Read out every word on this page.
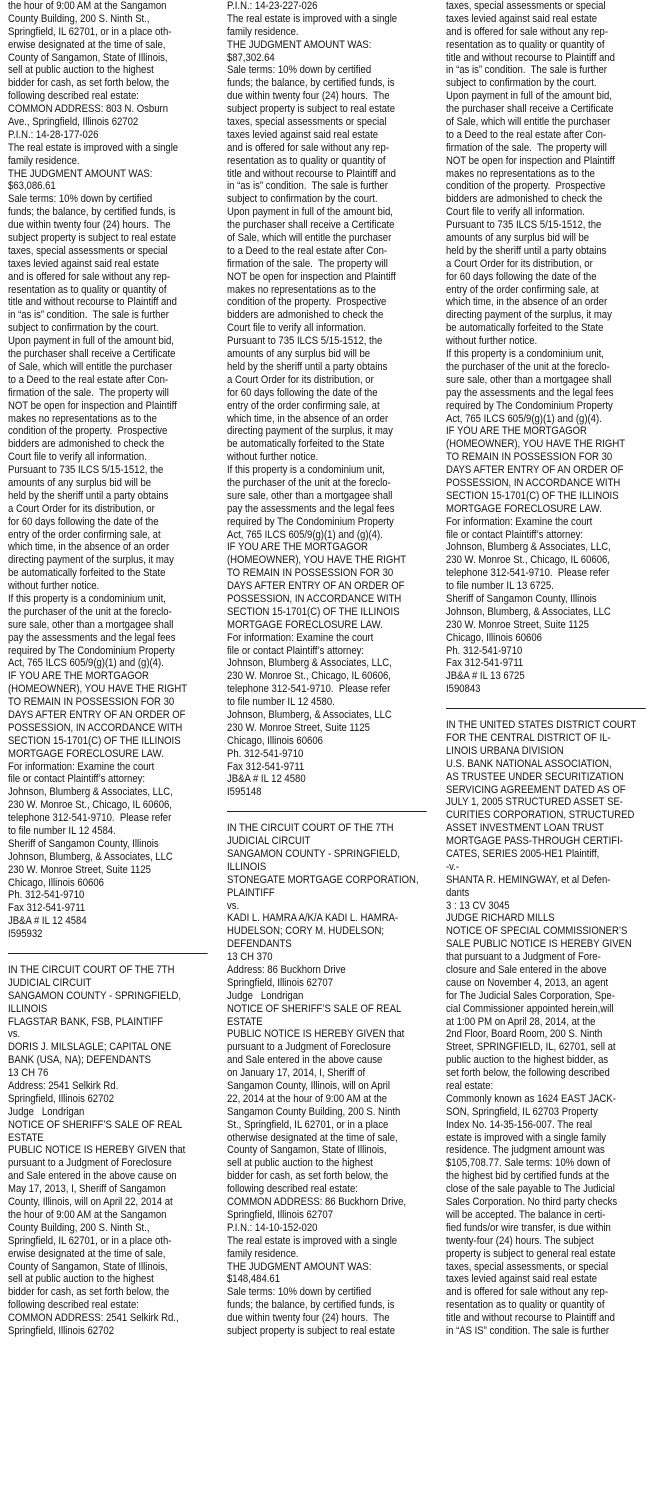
the hour of 9:00 AM at the Sangamon
County Building, 200 S. Ninth St.,
Springfield, IL 62701, or in a place oth-
erwise designated at the time of sale,
County of Sangamon, State of Illinois,
sell at public auction to the highest
bidder for cash, as set forth below, the
following described real estate:
COMMON ADDRESS: 803 N. Osburn
Ave., Springfield, Illinois 62702
P.I.N.: 14-28-177-026
The real estate is improved with a single
family residence.
THE JUDGMENT AMOUNT WAS:
$63,086.61
Sale terms: 10% down by certified
funds; the balance, by certified funds, is
due within twenty four (24) hours.  The
subject property is subject to real estate
taxes, special assessments or special
taxes levied against said real estate
and is offered for sale without any rep-
resentation as to quality or quantity of
title and without recourse to Plaintiff and
in “as is” condition.  The sale is further
subject to confirmation by the court.
Upon payment in full of the amount bid,
the purchaser shall receive a Certificate
of Sale, which will entitle the purchaser
to a Deed to the real estate after Con-
firmation of the sale.  The property will
NOT be open for inspection and Plaintiff
makes no representations as to the
condition of the property.  Prospective
bidders are admonished to check the
Court file to verify all information.
Pursuant to 735 ILCS 5/15-1512, the
amounts of any surplus bid will be
held by the sheriff until a party obtains
a Court Order for its distribution, or
for 60 days following the date of the
entry of the order confirming sale, at
which time, in the absence of an order
directing payment of the surplus, it may
be automatically forfeited to the State
without further notice.
If this property is a condominium unit,
the purchaser of the unit at the foreclo-
sure sale, other than a mortgagee shall
pay the assessments and the legal fees
required by The Condominium Property
Act, 765 ILCS 605/9(g)(1) and (g)(4).
IF YOU ARE THE MORTGAGOR
(HOMEOWNER), YOU HAVE THE RIGHT
TO REMAIN IN POSSESSION FOR 30
DAYS AFTER ENTRY OF AN ORDER OF
POSSESSION, IN ACCORDANCE WITH
SECTION 15-1701(C) OF THE ILLINOIS
MORTGAGE FORECLOSURE LAW.
For information: Examine the court
file or contact Plaintiff’s attorney:
Johnson, Blumberg & Associates, LLC,
230 W. Monroe St., Chicago, IL 60606,
telephone 312-541-9710.  Please refer
to file number IL 12 4584.
Sheriff of Sangamon County, Illinois
Johnson, Blumberg, & Associates, LLC
230 W. Monroe Street, Suite 1125
Chicago, Illinois 60606
Ph. 312-541-9710
Fax 312-541-9711
JB&A # IL 12 4584
I595932
IN THE CIRCUIT COURT OF THE 7TH
JUDICIAL CIRCUIT
SANGAMON COUNTY - SPRINGFIELD,
ILLINOIS
FLAGSTAR BANK, FSB, PLAINTIFF
vs.
DORIS J. MILSLAGLE; CAPITAL ONE
BANK (USA, NA); DEFENDANTS
13 CH 76
Address: 2541 Selkirk Rd.
Springfield, Illinois 62702
Judge   Londrigan
NOTICE OF SHERIFF’S SALE OF REAL
ESTATE
PUBLIC NOTICE IS HEREBY GIVEN that
pursuant to a Judgment of Foreclosure
and Sale entered in the above cause on
May 17, 2013, I, Sheriff of Sangamon
County, Illinois, will on April 22, 2014 at
the hour of 9:00 AM at the Sangamon
County Building, 200 S. Ninth St.,
Springfield, IL 62701, or in a place oth-
erwise designated at the time of sale,
County of Sangamon, State of Illinois,
sell at public auction to the highest
bidder for cash, as set forth below, the
following described real estate:
COMMON ADDRESS: 2541 Selkirk Rd.,
Springfield, Illinois 62702
P.I.N.: 14-23-227-026
The real estate is improved with a single
family residence.
THE JUDGMENT AMOUNT WAS:
$87,302.64
Sale terms: 10% down by certified
funds; the balance, by certified funds, is
due within twenty four (24) hours.  The
subject property is subject to real estate
taxes, special assessments or special
taxes levied against said real estate
and is offered for sale without any rep-
resentation as to quality or quantity of
title and without recourse to Plaintiff and
in “as is” condition.  The sale is further
subject to confirmation by the court.
Upon payment in full of the amount bid,
the purchaser shall receive a Certificate
of Sale, which will entitle the purchaser
to a Deed to the real estate after Con-
firmation of the sale.  The property will
NOT be open for inspection and Plaintiff
makes no representations as to the
condition of the property.  Prospective
bidders are admonished to check the
Court file to verify all information.
Pursuant to 735 ILCS 5/15-1512, the
amounts of any surplus bid will be
held by the sheriff until a party obtains
a Court Order for its distribution, or
for 60 days following the date of the
entry of the order confirming sale, at
which time, in the absence of an order
directing payment of the surplus, it may
be automatically forfeited to the State
without further notice.
If this property is a condominium unit,
the purchaser of the unit at the foreclo-
sure sale, other than a mortgagee shall
pay the assessments and the legal fees
required by The Condominium Property
Act, 765 ILCS 605/9(g)(1) and (g)(4).
IF YOU ARE THE MORTGAGOR
(HOMEOWNER), YOU HAVE THE RIGHT
TO REMAIN IN POSSESSION FOR 30
DAYS AFTER ENTRY OF AN ORDER OF
POSSESSION, IN ACCORDANCE WITH
SECTION 15-1701(C) OF THE ILLINOIS
MORTGAGE FORECLOSURE LAW.
For information: Examine the court
file or contact Plaintiff’s attorney:
Johnson, Blumberg & Associates, LLC,
230 W. Monroe St., Chicago, IL 60606,
telephone 312-541-9710.  Please refer
to file number IL 12 4580.
Johnson, Blumberg, & Associates, LLC
230 W. Monroe Street, Suite 1125
Chicago, Illinois 60606
Ph. 312-541-9710
Fax 312-541-9711
JB&A # IL 12 4580
I595148
IN THE CIRCUIT COURT OF THE 7TH
JUDICIAL CIRCUIT
SANGAMON COUNTY - SPRINGFIELD,
ILLINOIS
STONEGATE MORTGAGE CORPORATION,
PLAINTIFF
vs.
KADI L. HAMRA A/K/A KADI L. HAMRA-
HUDELSON; CORY M. HUDELSON;
DEFENDANTS
13 CH 370
Address: 86 Buckhorn Drive
Springfield, Illinois 62707
Judge   Londrigan
NOTICE OF SHERIFF’S SALE OF REAL
ESTATE
PUBLIC NOTICE IS HEREBY GIVEN that
pursuant to a Judgment of Foreclosure
and Sale entered in the above cause
on January 17, 2014, I, Sheriff of
Sangamon County, Illinois, will on April
22, 2014 at the hour of 9:00 AM at the
Sangamon County Building, 200 S. Ninth
St., Springfield, IL 62701, or in a place
otherwise designated at the time of sale,
County of Sangamon, State of Illinois,
sell at public auction to the highest
bidder for cash, as set forth below, the
following described real estate:
COMMON ADDRESS: 86 Buckhorn Drive,
Springfield, Illinois 62707
P.I.N.: 14-10-152-020
The real estate is improved with a single
family residence.
THE JUDGMENT AMOUNT WAS:
$148,484.61
Sale terms: 10% down by certified
funds; the balance, by certified funds, is
due within twenty four (24) hours.  The
subject property is subject to real estate
taxes, special assessments or special
taxes levied against said real estate
and is offered for sale without any rep-
resentation as to quality or quantity of
title and without recourse to Plaintiff and
in “as is” condition.  The sale is further
subject to confirmation by the court.
Upon payment in full of the amount bid,
the purchaser shall receive a Certificate
of Sale, which will entitle the purchaser
to a Deed to the real estate after Con-
firmation of the sale.  The property will
NOT be open for inspection and Plaintiff
makes no representations as to the
condition of the property.  Prospective
bidders are admonished to check the
Court file to verify all information.
Pursuant to 735 ILCS 5/15-1512, the
amounts of any surplus bid will be
held by the sheriff until a party obtains
a Court Order for its distribution, or
for 60 days following the date of the
entry of the order confirming sale, at
which time, in the absence of an order
directing payment of the surplus, it may
be automatically forfeited to the State
without further notice.
If this property is a condominium unit,
the purchaser of the unit at the foreclo-
sure sale, other than a mortgagee shall
pay the assessments and the legal fees
required by The Condominium Property
Act, 765 ILCS 605/9(g)(1) and (g)(4).
IF YOU ARE THE MORTGAGOR
(HOMEOWNER), YOU HAVE THE RIGHT
TO REMAIN IN POSSESSION FOR 30
DAYS AFTER ENTRY OF AN ORDER OF
POSSESSION, IN ACCORDANCE WITH
SECTION 15-1701(C) OF THE ILLINOIS
MORTGAGE FORECLOSURE LAW.
For information: Examine the court
file or contact Plaintiff’s attorney:
Johnson, Blumberg & Associates, LLC,
230 W. Monroe St., Chicago, IL 60606,
telephone 312-541-9710.  Please refer
to file number IL 13 6725.
Sheriff of Sangamon County, Illinois
Johnson, Blumberg, & Associates, LLC
230 W. Monroe Street, Suite 1125
Chicago, Illinois 60606
Ph. 312-541-9710
Fax 312-541-9711
JB&A # IL 13 6725
I590843
IN THE UNITED STATES DISTRICT COURT
FOR THE CENTRAL DISTRICT OF IL-
LINOIS URBANA DIVISION
U.S. BANK NATIONAL ASSOCIATION,
AS TRUSTEE UNDER SECURITIZATION
SERVICING AGREEMENT DATED AS OF
JULY 1, 2005 STRUCTURED ASSET SE-
CURITIES CORPORATION, STRUCTURED
ASSET INVESTMENT LOAN TRUST
MORTGAGE PASS-THROUGH CERTIFI-
CATES, SERIES 2005-HE1 Plaintiff,
-v.-
SHANTA R. HEMINGWAY, et al Defen-
dants
3 : 13 CV 3045
JUDGE RICHARD MILLS
NOTICE OF SPECIAL COMMISSIONER’S
SALE PUBLIC NOTICE IS HEREBY GIVEN
that pursuant to a Judgment of Fore-
closure and Sale entered in the above
cause on November 4, 2013, an agent
for The Judicial Sales Corporation, Spe-
cial Commissioner appointed herein,will
at 1:00 PM on April 28, 2014, at the
2nd Floor, Board Room, 200 S. Ninth
Street, SPRINGFIELD, IL, 62701, sell at
public auction to the highest bidder, as
set forth below, the following described
real estate:
Commonly known as 1624 EAST JACK-
SON, Springfield, IL 62703 Property
Index No. 14-35-156-007. The real
estate is improved with a single family
residence. The judgment amount was
$105,708.77. Sale terms: 10% down of
the highest bid by certified funds at the
close of the sale payable to The Judicial
Sales Corporation. No third party checks
will be accepted. The balance in certi-
fied funds/or wire transfer, is due within
twenty-four (24) hours. The subject
property is subject to general real estate
taxes, special assessments, or special
taxes levied against said real estate
and is offered for sale without any rep-
resentation as to quality or quantity of
title and without recourse to Plaintiff and
in “AS IS” condition. The sale is further
